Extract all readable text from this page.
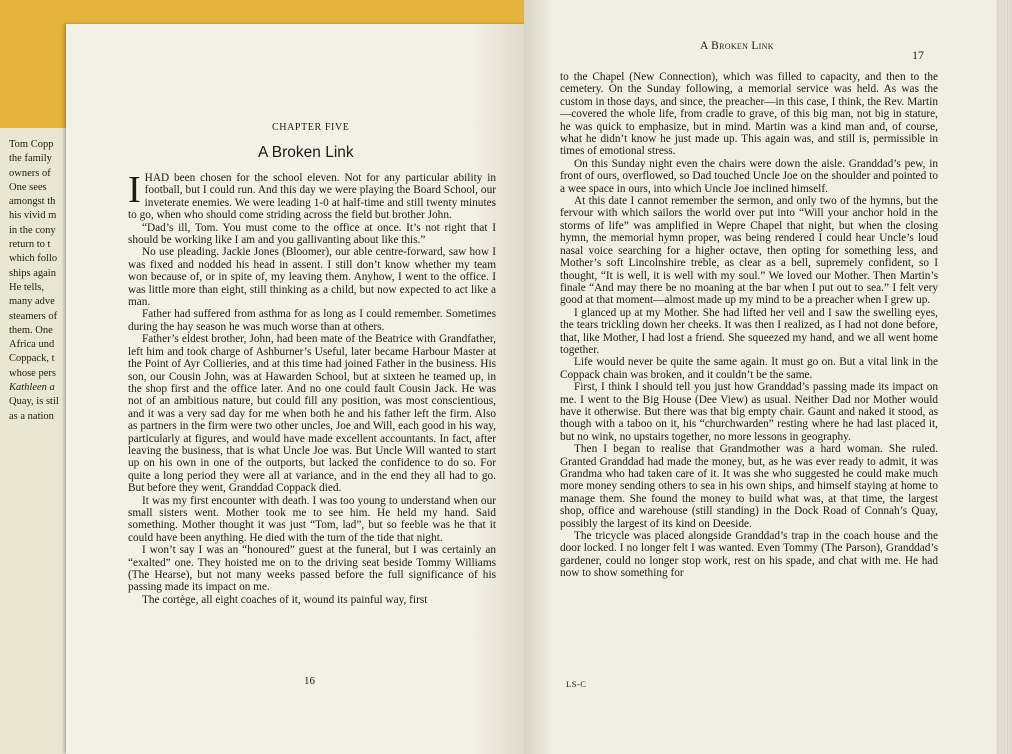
Tom Copp
the family
owners of
One sees
amongst th
his vivid m
in the cony
return to t
which follo
ships again
He tells,
many adve
steamers of
them. One
Africa und
Coppack, t
whose pers
Kathleen a
Quay, is stil
as a nation
CHAPTER FIVE
A Broken Link

IHAD been chosen for the school eleven. Not for any particular ability in football, but I could run. And this day we were playing the Board School, our inveterate enemies. We were leading 1-0 at half-time and still twenty minutes to go, when who should come striding across the field but brother John.

“Dad’s ill, Tom. You must come to the office at once. It’s not right that I should be working like I am and you gallivanting about like this.”

No use pleading. Jackie Jones (Bloomer), our able centre-forward, saw how I was fixed and nodded his head in assent. I still don’t know whether my team won because of, or in spite of, my leaving them. Anyhow, I went to the office. I was little more than eight, still thinking as a child, but now expected to act like a man.

Father had suffered from asthma for as long as I could remember. Sometimes during the hay season he was much worse than at others.

Father’s eldest brother, John, had been mate of the Beatrice with Grandfather, left him and took charge of Ashburner’s Useful, later became Harbour Master at the Point of Ayr Collieries, and at this time had joined Father in the business. His son, our Cousin John, was at Hawarden School, but at sixteen he teamed up, in the shop first and the office later. And no one could fault Cousin Jack. He was not of an ambitious nature, but could fill any position, was most conscientious, and it was a very sad day for me when both he and his father left the firm. Also as partners in the firm were two other uncles, Joe and Will, each good in his way, particularly at figures, and would have made excellent accountants. In fact, after leaving the business, that is what Uncle Joe was. But Uncle Will wanted to start up on his own in one of the outports, but lacked the confidence to do so. For quite a long period they were all at variance, and in the end they all had to go. But before they went, Granddad Coppack died.

It was my first encounter with death. I was too young to understand when our small sisters went. Mother took me to see him. He held my hand. Said something. Mother thought it was just “Tom, lad”, but so feeble was he that it could have been anything. He died with the turn of the tide that night.

I won’t say I was an “honoured” guest at the funeral, but I was certainly an “exalted” one. They hoisted me on to the driving seat beside Tommy Williams (The Hearse), but not many weeks passed before the full significance of his passing made its impact on me.

The cortège, all eight coaches of it, wound its painful way, first

16
A Broken Link
17

to the Chapel (New Connection), which was filled to capacity, and then to the cemetery. On the Sunday following, a memorial service was held. As was the custom in those days, and since, the preacher—in this case, I think, the Rev. Martin—covered the whole life, from cradle to grave, of this big man, not big in stature, he was quick to emphasize, but in mind. Martin was a kind man and, of course, what he didn’t know he just made up. This again was, and still is, permissible in times of emotional stress.

On this Sunday night even the chairs were down the aisle. Granddad’s pew, in front of ours, overflowed, so Dad touched Uncle Joe on the shoulder and pointed to a wee space in ours, into which Uncle Joe inclined himself.

At this date I cannot remember the sermon, and only two of the hymns, but the fervour with which sailors the world over put into “Will your anchor hold in the storms of life” was amplified in Wepre Chapel that night, but when the closing hymn, the memorial hymn proper, was being rendered I could hear Uncle’s loud nasal voice searching for a higher octave, then opting for something less, and Mother’s soft Lincolnshire treble, as clear as a bell, supremely confident, so I thought, “It is well, it is well with my soul.” We loved our Mother. Then Martin’s finale “And may there be no moaning at the bar when I put out to sea.” I felt very good at that moment—almost made up my mind to be a preacher when I grew up.

I glanced up at my Mother. She had lifted her veil and I saw the swelling eyes, the tears trickling down her cheeks. It was then I realized, as I had not done before, that, like Mother, I had lost a friend. She squeezed my hand, and we all went home together.

Life would never be quite the same again. It must go on. But a vital link in the Coppack chain was broken, and it couldn’t be the same.

First, I think I should tell you just how Granddad’s passing made its impact on me. I went to the Big House (Dee View) as usual. Neither Dad nor Mother would have it otherwise. But there was that big empty chair. Gaunt and naked it stood, as though with a taboo on it, his “churchwarden” resting where he had last placed it, but no wink, no upstairs together, no more lessons in geography.

Then I began to realise that Grandmother was a hard woman. She ruled. Granted Granddad had made the money, but, as he was ever ready to admit, it was Grandma who had taken care of it. It was she who suggested he could make much more money sending others to sea in his own ships, and himself staying at home to manage them. She found the money to build what was, at that time, the largest shop, office and warehouse (still standing) in the Dock Road of Connah’s Quay, possibly the largest of its kind on Deeside.

The tricycle was placed alongside Granddad’s trap in the coach house and the door locked. I no longer felt I was wanted. Even Tommy (The Parson), Granddad’s gardener, could no longer stop work, rest on his spade, and chat with me. He had now to show something for

LS-C
